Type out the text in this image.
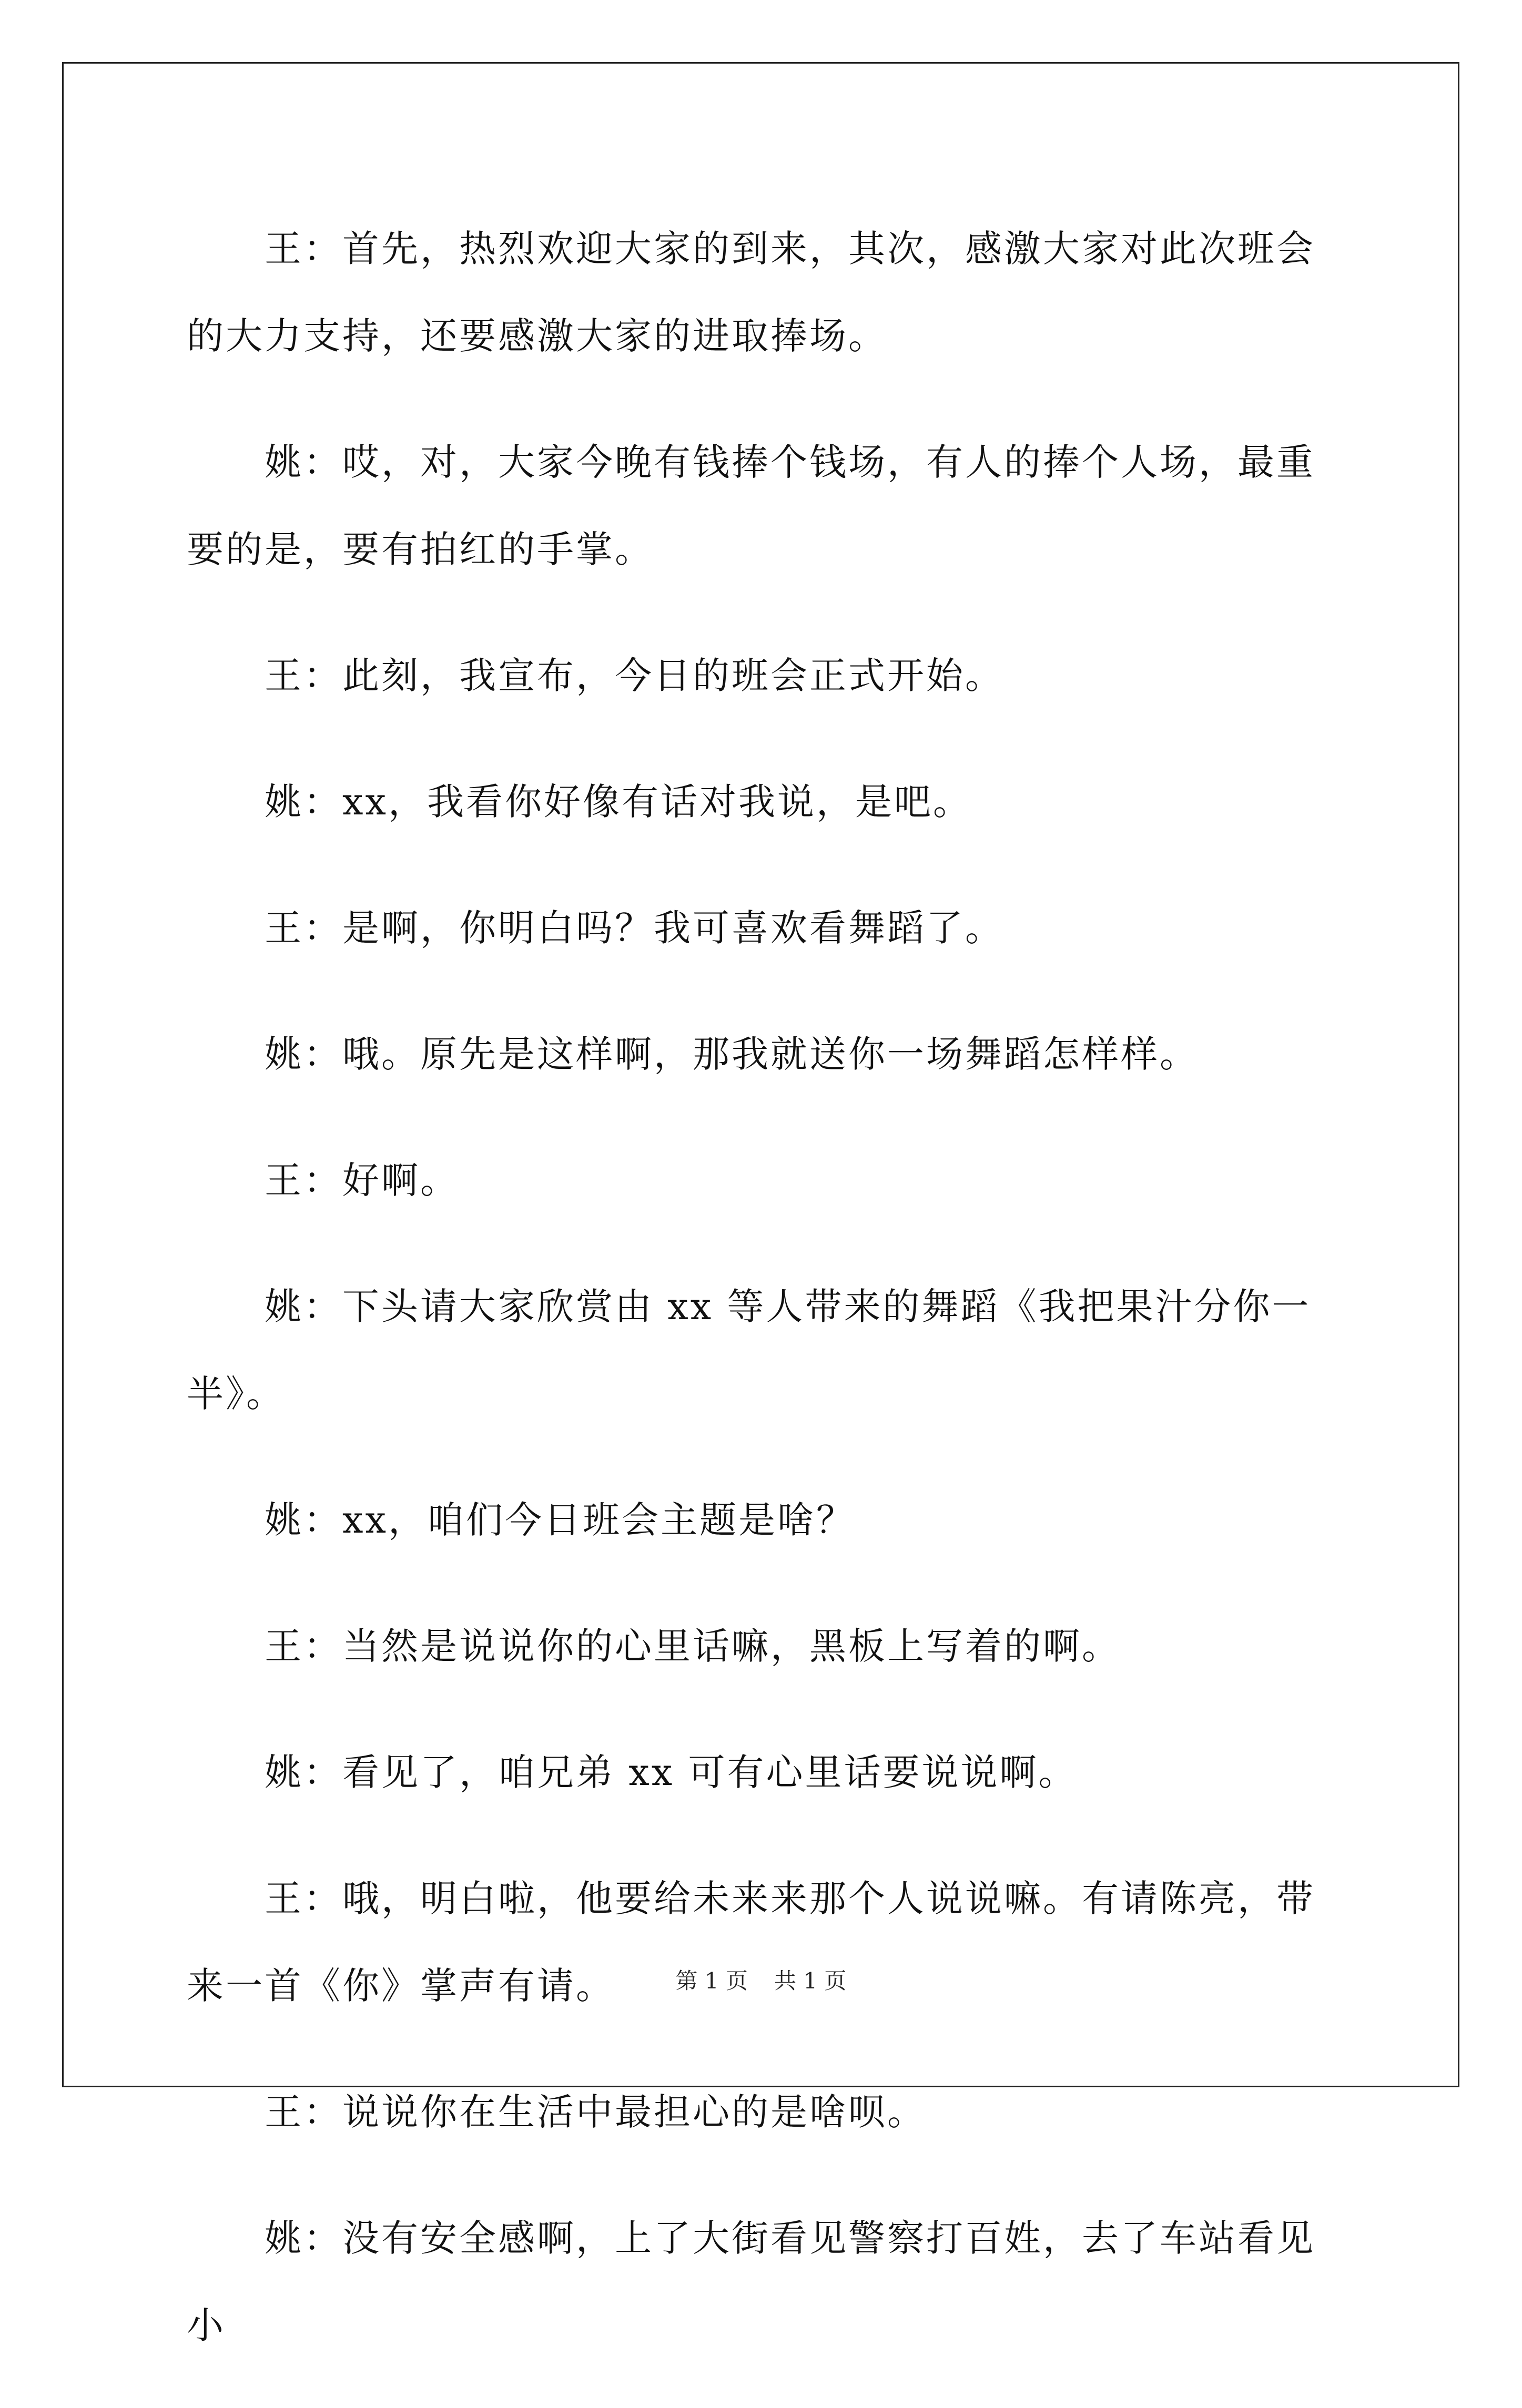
王：首先，热烈欢迎大家的到来，其次，感激大家对此次班会的大力支持，还要感激大家的进取捧场。

姚：哎，对，大家今晚有钱捧个钱场，有人的捧个人场，最重要的是，要有拍红的手掌。

王：此刻，我宣布，今日的班会正式开始。

姚：xx，我看你好像有话对我说，是吧。

王：是啊，你明白吗？我可喜欢看舞蹈了。

姚：哦。原先是这样啊，那我就送你一场舞蹈怎样样。

王：好啊。

姚：下头请大家欣赏由 xx 等人带来的舞蹈《我把果汁分你一半》。

姚：xx，咱们今日班会主题是啥？

王：当然是说说你的心里话嘛，黑板上写着的啊。

姚：看见了，咱兄弟 xx 可有心里话要说说啊。

王：哦，明白啦，他要给未来来那个人说说嘛。有请陈亮，带来一首《你》掌声有请。

王：说说你在生活中最担心的是啥呗。

姚：没有安全感啊，上了大街看见警察打百姓，去了车站看见小

第 1 页 共 1 页
